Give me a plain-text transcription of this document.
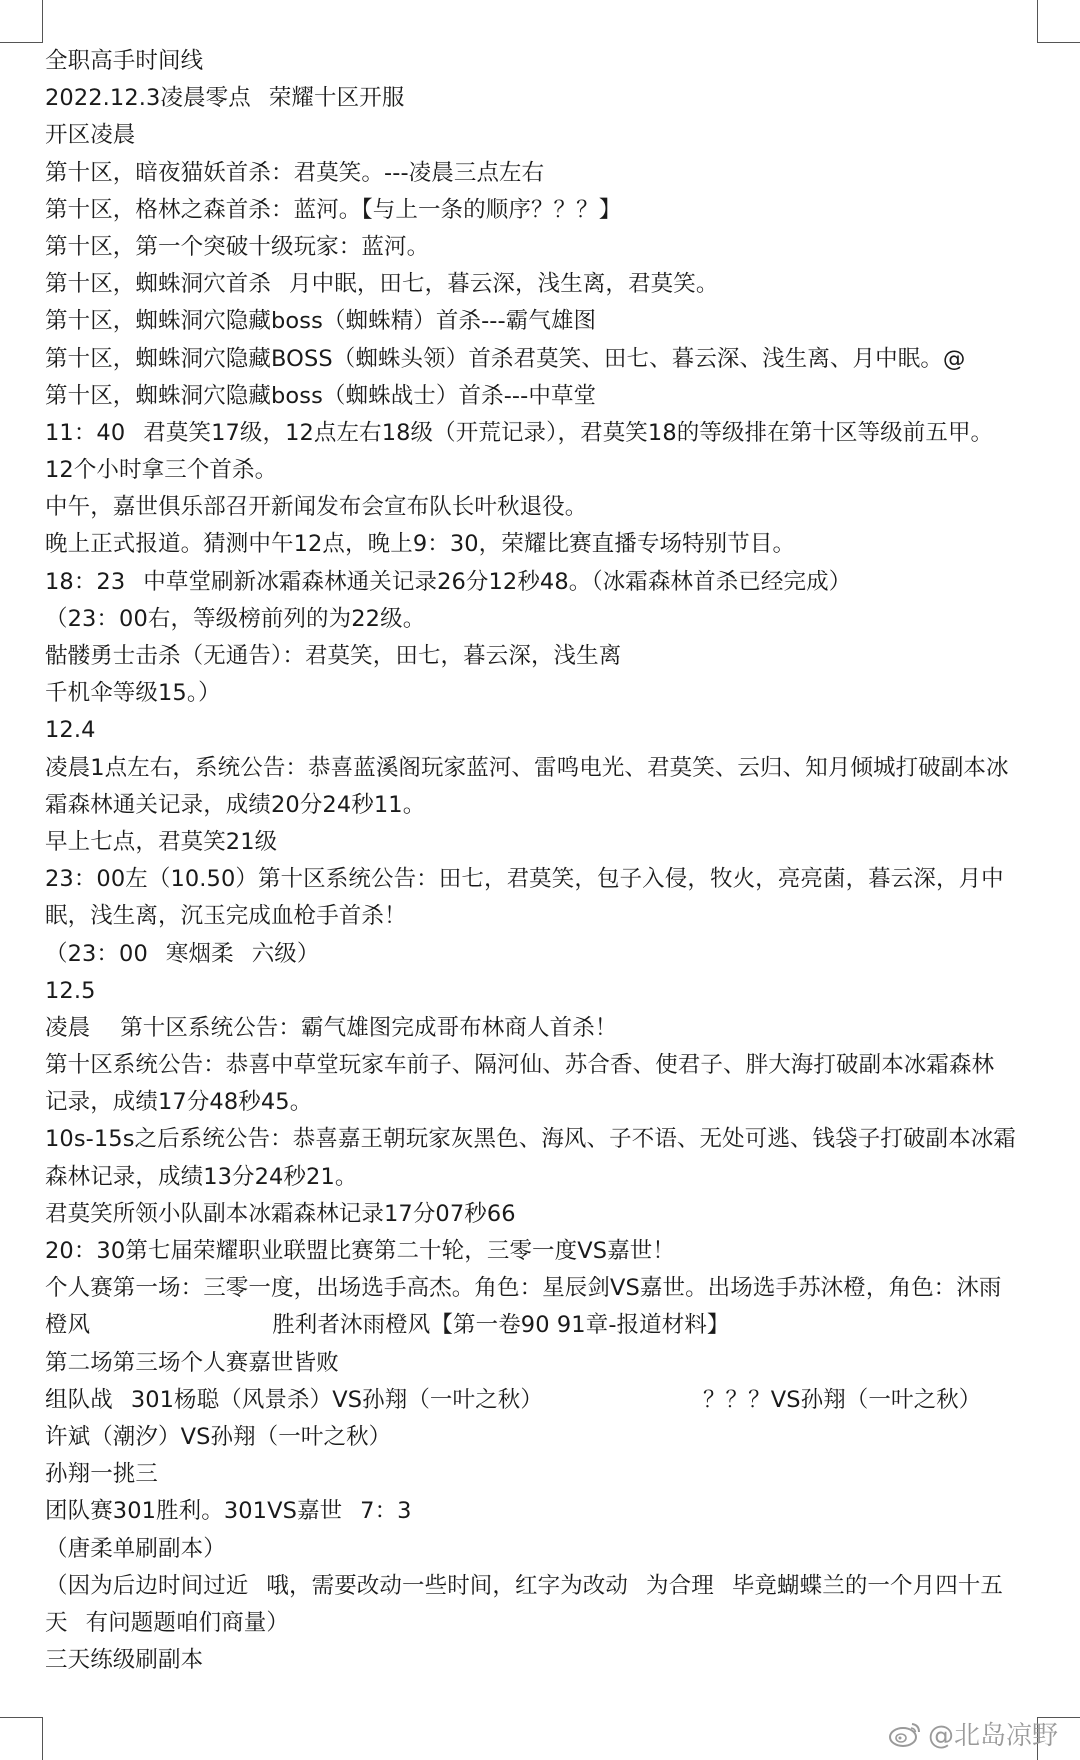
全职高手时间线
2022.12.3凌晨零点 荣耀十区开服
开区凌晨
第十区，暗夜猫妖首杀：君莫笑。---凌晨三点左右
第十区，格林之森首杀：蓝河。【与上一条的顺序？？？】
第十区，第一个突破十级玩家：蓝河。
第十区，蜘蛛洞穴首杀 月中眠，田七，暮云深，浅生离，君莫笑。
第十区，蜘蛛洞穴隐藏boss（蜘蛛精）首杀---霸气雄图
第十区，蜘蛛洞穴隐藏BOSS（蜘蛛头领）首杀君莫笑、田七、暮云深、浅生离、月中眠。@
第十区，蜘蛛洞穴隐藏boss（蜘蛛战士）首杀---中草堂
11：40 君莫笑17级，12点左右18级（开荒记录），君莫笑18的等级排在第十区等级前五甲。
12个小时拿三个首杀。
中午，嘉世俱乐部召开新闻发布会宣布队长叶秋退役。
晚上正式报道。猜测中午12点，晚上9：30，荣耀比赛直播专场特别节目。
18：23 中草堂刷新冰霜森林通关记录26分12秒48。（冰霜森林首杀已经完成）
（23：00右，等级榜前列的为22级。
骷髅勇士击杀（无通告）：君莫笑，田七，暮云深，浅生离
千机伞等级15。）
12.4
凌晨1点左右，系统公告：恭喜蓝溪阁玩家蓝河、雷鸣电光、君莫笑、云归、知月倾城打破副本冰
霜森林通关记录，成绩20分24秒11。
早上七点，君莫笑21级
23：00左（10.50）第十区系统公告：田七，君莫笑，包子入侵，牧火，亮亮菌，暮云深，月中
眠，浅生离，沉玉完成血枪手首杀！
（23：00 寒烟柔 六级）
12.5
凌晨 第十区系统公告：霸气雄图完成哥布林商人首杀！
第十区系统公告：恭喜中草堂玩家车前子、隔河仙、苏合香、使君子、胖大海打破副本冰霜森林
记录，成绩17分48秒45。
10s-15s之后系统公告：恭喜嘉王朝玩家灰黑色、海风、子不语、无处可逃、钱袋子打破副本冰霜
森林记录，成绩13分24秒21。
君莫笑所领小队副本冰霜森林记录17分07秒66
20：30第七届荣耀职业联盟比赛第二十轮，三零一度VS嘉世！
个人赛第一场：三零一度，出场选手高杰。角色：星辰剑VS嘉世。出场选手苏沐橙，角色：沐雨
橙风	胜利者沐雨橙风【第一卷90 91章-报道材料】
第二场第三场个人赛嘉世皆败
组队战 301杨聪（风景杀）VS孙翔（一叶之秋）	？？？VS孙翔（一叶之秋）
许斌（潮汐）VS孙翔（一叶之秋）
孙翔一挑三
团队赛301胜利。301VS嘉世 7：3
（唐柔单刷副本）
（因为后边时间过近 哦，需要改动一些时间，红字为改动 为合理 毕竟蝴蝶兰的一个月四十五
天 有问题题咱们商量）
三天练级刷副本
@北岛凉野
